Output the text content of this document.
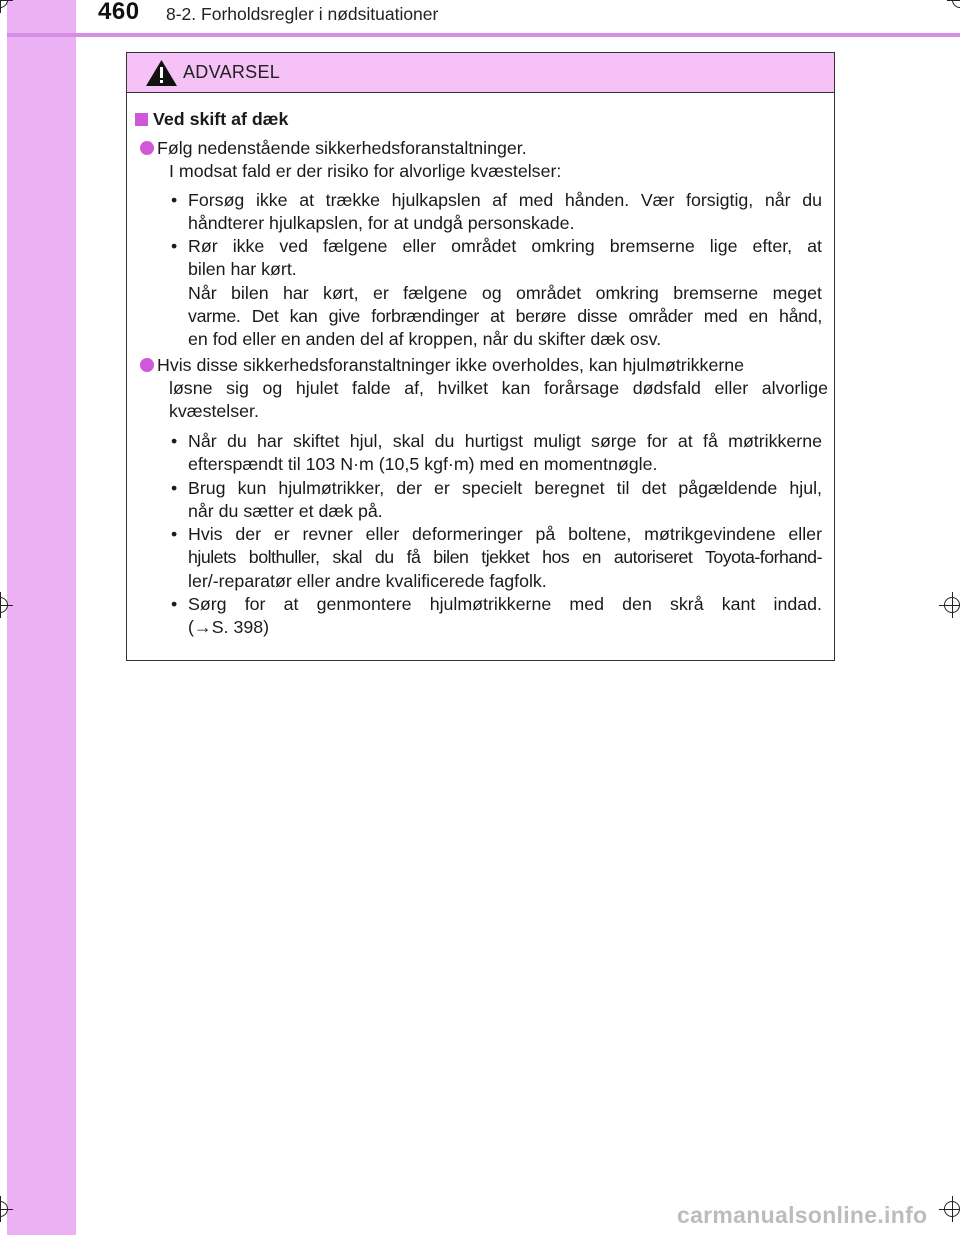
460 8-2. Forholdsregler i nødsituationer
ADVARSEL
Ved skift af dæk
Følg nedenstående sikkerhedsforanstaltninger.
I modsat fald er der risiko for alvorlige kvæstelser:
• Forsøg ikke at trække hjulkapslen af med hånden. Vær forsigtig, når du
håndterer hjulkapslen, for at undgå personskade.
• Rør ikke ved fælgene eller området omkring bremserne lige efter, at
bilen har kørt.
Når bilen har kørt, er fælgene og området omkring bremserne meget
varme. Det kan give forbrændinger at berøre disse områder med en hånd,
en fod eller en anden del af kroppen, når du skifter dæk osv.
Hvis disse sikkerhedsforanstaltninger ikke overholdes, kan hjulmøtrikkerne
løsne sig og hjulet falde af, hvilket kan forårsage dødsfald eller alvorlige
kvæstelser.
• Når du har skiftet hjul, skal du hurtigst muligt sørge for at få møtrikkerne
efterspændt til 103 N·m (10,5 kgf·m) med en momentnøgle.
• Brug kun hjulmøtrikker, der er specielt beregnet til det pågældende hjul,
når du sætter et dæk på.
• Hvis der er revner eller deformeringer på boltene, møtrikgevindene eller
hjulets bolthuller, skal du få bilen tjekket hos en autoriseret Toyota-forhand-
ler/-reparatør eller andre kvalificerede fagfolk.
• Sørg for at genmontere hjulmøtrikkerne med den skrå kant indad.
(→S. 398)
carmanualsonline.info
